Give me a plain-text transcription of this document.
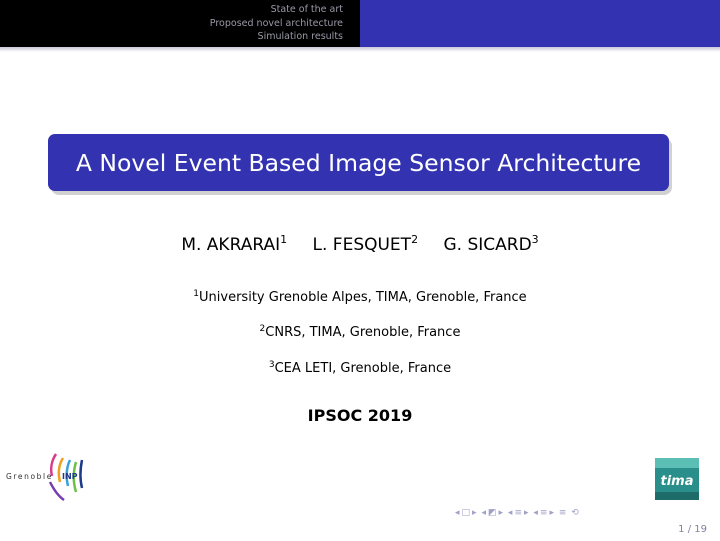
State of the art
Proposed novel architecture
Simulation results
A Novel Event Based Image Sensor Architecture
M. AKRARAI$^1$ L. FESQUET$^2$ G. SICARD$^3$
$^1$University Grenoble Alpes, TIMA, Grenoble, France
$^2$CNRS, TIMA, Grenoble, France
$^3$CEA LETI, Grenoble, France
IPSOC 2019
Grenoble INP	tima
◂ □ ▸ ◂ ◩ ▸ ◂ ≡ ▸ ◂ ≡ ▸ ≡ ⟲
1 / 19
